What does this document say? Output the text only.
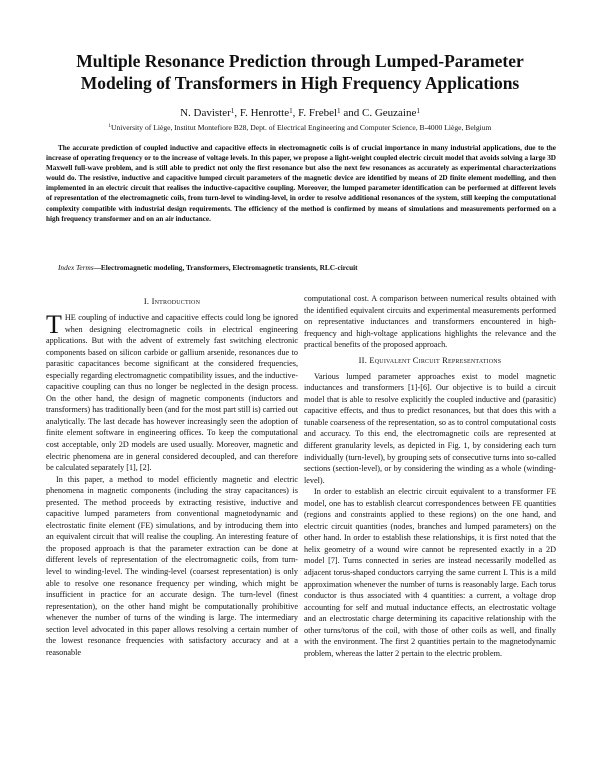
Multiple Resonance Prediction through Lumped-Parameter Modeling of Transformers in High Frequency Applications
N. Davister$^1$, F. Henrotte$^1$, F. Frebel$^1$ and C. Geuzaine$^1$
$^1$University of Liège, Institut Montefiore B28, Dept. of Electrical Engineering and Computer Science, B-4000 Liège, Belgium
The accurate prediction of coupled inductive and capacitive effects in electromagnetic coils is of crucial importance in many industrial applications, due to the increase of operating frequency or to the increase of voltage levels. In this paper, we propose a light-weight coupled electric circuit model that avoids solving a large 3D Maxwell full-wave problem, and is still able to predict not only the first resonance but also the next few resonances as accurately as experimental characterizations would do. The resistive, inductive and capacitive lumped circuit parameters of the magnetic device are identified by means of 2D finite element modelling, and then implemented in an electric circuit that realises the inductive-capacitive coupling. Moreover, the lumped parameter identification can be performed at different levels of representation of the electromagnetic coils, from turn-level to winding-level, in order to resolve additional resonances of the system, still keeping the computational complexity compatible with industrial design requirements. The efficiency of the method is confirmed by means of simulations and measurements performed on a high frequency transformer and on an air inductance.
Index Terms—Electromagnetic modeling, Transformers, Electromagnetic transients, RLC-circuit
I. Introduction

THE coupling of inductive and capacitive effects could long be ignored when designing electromagnetic coils in electrical engineering applications. But with the advent of extremely fast switching electronic components based on silicon carbide or gallium arsenide, resonances due to parasitic capacitances become significant at the considered frequencies, especially regarding electromagnetic compatibility issues, and the inductive-capacitive coupling can thus no longer be neglected in the design process. On the other hand, the design of magnetic components (inductors and transformers) has traditionally been (and for the most part still is) carried out analytically. The last decade has however increasingly seen the adoption of finite element software in engineering offices. To keep the computational cost acceptable, only 2D models are used usually. Moreover, magnetic and electric phenomena are in general considered decoupled, and can therefore be calculated separately [1], [2].

In this paper, a method to model efficiently magnetic and electric phenomena in magnetic components (including the stray capacitances) is presented. The method proceeds by extracting resistive, inductive and capacitive lumped parameters from conventional magnetodynamic and electrostatic finite element (FE) simulations, and by introducing them into an equivalent circuit that will realise the coupling. An interesting feature of the proposed approach is that the parameter extraction can be done at different levels of representation of the electromagnetic coils, from turn-level to winding-level. The winding-level (coarsest representation) is only able to resolve one resonance frequency per winding, which might be insufficient in practice for an accurate design. The turn-level (finest representation), on the other hand might be computationally prohibitive whenever the number of turns of the winding is large. The intermediary section level advocated in this paper allows resolving a certain number of the lowest resonance frequencies with satisfactory accuracy and at a reasonable

computational cost. A comparison between numerical results obtained with the identified equivalent circuits and experimental measurements performed on representative inductances and transformers encountered in high-frequency and high-voltage applications highlights the relevance and the practical benefits of the proposed approach.

II. Equivalent Circuit Representations

Various lumped parameter approaches exist to model magnetic inductances and transformers [1]-[6]. Our objective is to build a circuit model that is able to resolve explicitly the coupled inductive and (parasitic) capacitive effects, and thus to predict resonances, but that does this with a tunable coarseness of the representation, so as to control computational costs and accuracy. To this end, the electromagnetic coils are represented at different granularity levels, as depicted in Fig. 1, by considering each turn individually (turn-level), by grouping sets of consecutive turns into so-called sections (section-level), or by considering the winding as a whole (winding-level).

In order to establish an electric circuit equivalent to a transformer FE model, one has to establish clearcut correspondences between FE quantities (regions and constraints applied to these regions) on the one hand, and electric circuit quantities (nodes, branches and lumped parameters) on the other hand. In order to establish these relationships, it is first noted that the helix geometry of a wound wire cannot be represented exactly in a 2D model [7]. Turns connected in series are instead necessarily modelled as adjacent torus-shaped conductors carrying the same current I. This is a mild approximation whenever the number of turns is reasonably large. Each torus conductor is thus associated with 4 quantities: a current, a voltage drop accounting for self and mutual inductance effects, an electrostatic voltage and an electrostatic charge determining its capacitive relationship with the other turns/torus of the coil, with those of other coils as well, and finally with the environment. The first 2 quantities pertain to the magnetodynamic problem, whereas the latter 2 pertain to the electric problem.
